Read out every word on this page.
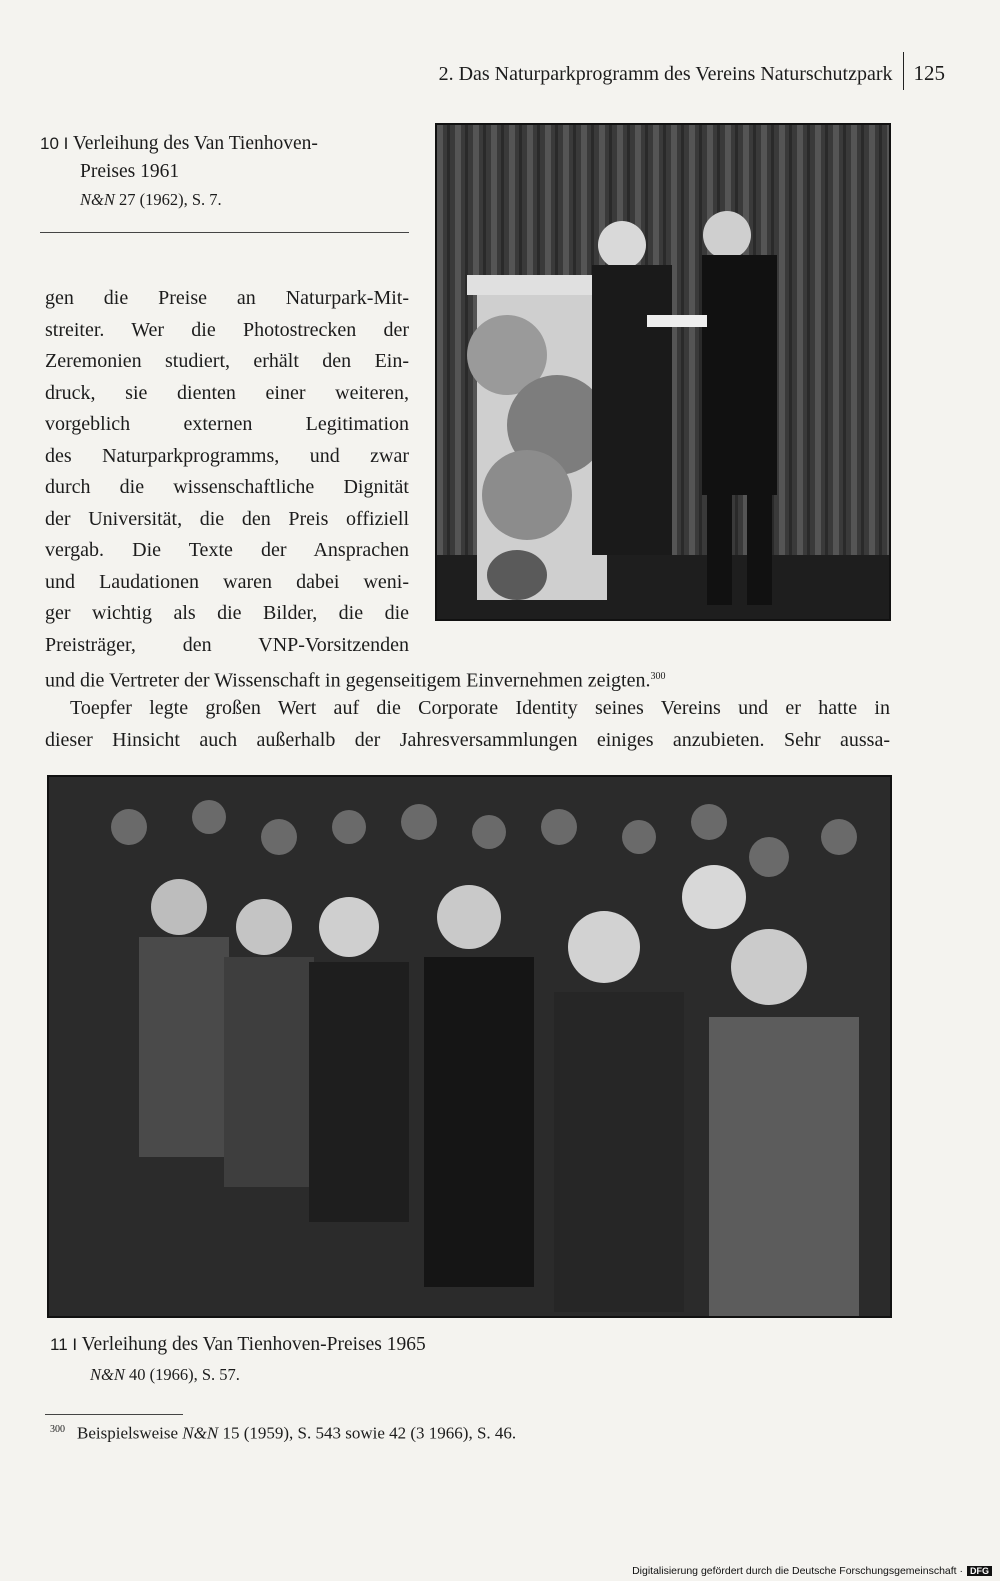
2. Das Naturparkprogramm des Vereins Naturschutzpark 125
10 I Verleihung des Van Tienhoven-
Preises 1961
N&N 27 (1962), S. 7.
gen die Preise an Naturpark-Mit-
streiter. Wer die Photostrecken der
Zeremonien studiert, erhält den Ein-
druck, sie dienten einer weiteren,
vorgeblich externen Legitimation
des Naturparkprogramms, und zwar
durch die wissenschaftliche Dignität
der Universität, die den Preis offiziell
vergab. Die Texte der Ansprachen
und Laudationen waren dabei weni-
ger wichtig als die Bilder, die die
Preisträger, den VNP-Vorsitzenden
und die Vertreter der Wissenschaft in gegenseitigem Einvernehmen zeigten.$^{300}$
Toepfer legte großen Wert auf die Corporate Identity seines Vereins und er hatte in
dieser Hinsicht auch außerhalb der Jahresversammlungen einiges anzubieten. Sehr aussa-
11 I Verleihung des Van Tienhoven-Preises 1965
N&N 40 (1966), S. 57.
$^{300}$ Beispielsweise N&N 15 (1959), S. 543 sowie 42 (3 1966), S. 46.
Digitalisierung gefördert durch die Deutsche Forschungsgemeinschaft · DFG
